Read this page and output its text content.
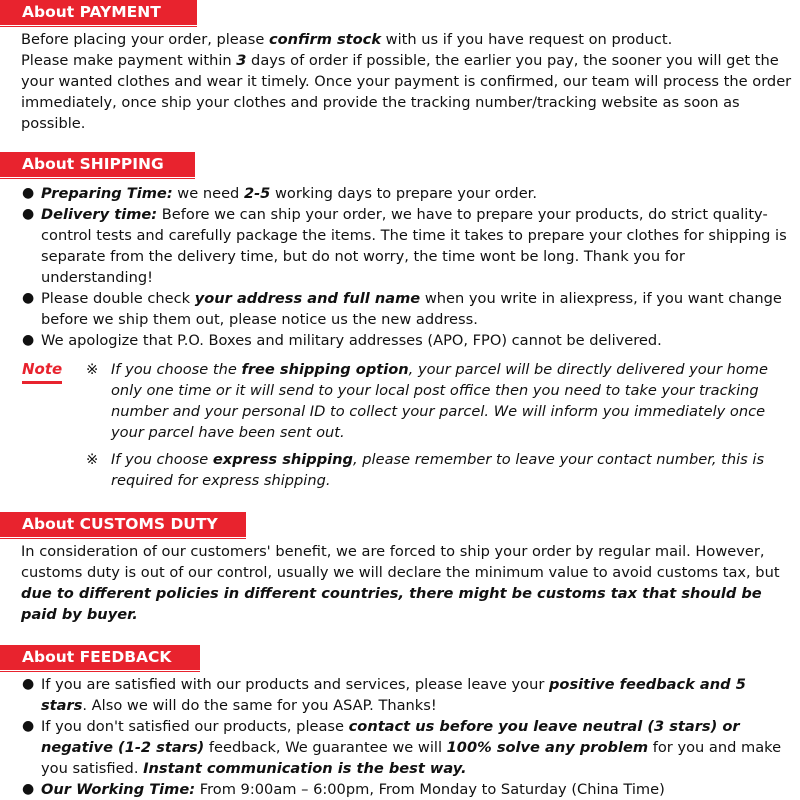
About PAYMENT

Before placing your order, please confirm stock with us if you have request on product.
Please make payment within 3 days of order if possible, the earlier you pay, the sooner you will get the your wanted clothes and wear it timely. Once your payment is confirmed, our team will process the order immediately, once ship your clothes and provide the tracking number/tracking website as soon as possible.

About SHIPPING
● Preparing Time: we need 2-5 working days to prepare your order.
● Delivery time: Before we can ship your order, we have to prepare your products, do strict quality-control tests and carefully package the items. The time it takes to prepare your clothes for shipping is separate from the delivery time, but do not worry, the time wont be long. Thank you for understanding!
● Please double check your address and full name when you write in aliexpress, if you want change before we ship them out, please notice us the new address.
● We apologize that P.O. Boxes and military addresses (APO, FPO) cannot be delivered.
Note ※ If you choose the free shipping option, your parcel will be directly delivered your home only one time or it will send to your local post office then you need to take your tracking number and your personal ID to collect your parcel. We will inform you immediately once your parcel have been sent out.
※ If you choose express shipping, please remember to leave your contact number, this is required for express shipping.
About CUSTOMS DUTY

In consideration of our customers' benefit, we are forced to ship your order by regular mail. However, customs duty is out of our control, usually we will declare the minimum value to avoid customs tax, but due to different policies in different countries, there might be customs tax that should be paid by buyer.

About FEEDBACK
● If you are satisfied with our products and services, please leave your positive feedback and 5 stars. Also we will do the same for you ASAP. Thanks!
● If you don't satisfied our products, please contact us before you leave neutral (3 stars) or negative (1-2 stars) feedback, We guarantee we will 100% solve any problem for you and make you satisfied. Instant communication is the best way.
● Our Working Time: From 9:00am – 6:00pm, From Monday to Saturday (China Time)
